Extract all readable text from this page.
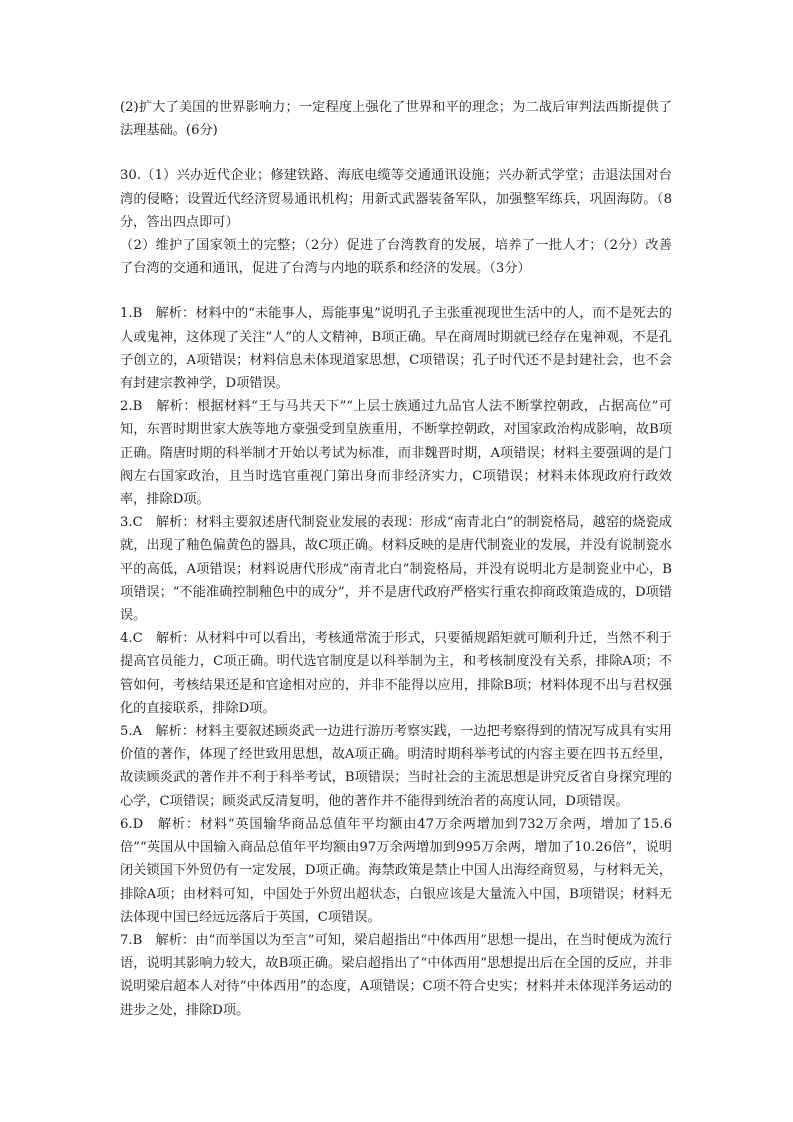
(2)扩大了美国的世界影响力；一定程度上强化了世界和平的理念；为二战后审判法西斯提供了法理基础。(6分)

30.（1）兴办近代企业；修建铁路、海底电缆等交通通讯设施；兴办新式学堂；击退法国对台湾的侵略；设置近代经济贸易通讯机构；用新式武器装备军队，加强整军练兵，巩固海防。（8分，答出四点即可）

（2）维护了国家领土的完整；（2分）促进了台湾教育的发展，培养了一批人才；（2分）改善了台湾的交通和通讯，促进了台湾与内地的联系和经济的发展。（3分）

1.B　解析：材料中的“未能事人，焉能事鬼”说明孔子主张重视现世生活中的人，而不是死去的人或鬼神，这体现了关注“人”的人文精神，B项正确。早在商周时期就已经存在鬼神观，不是孔子创立的，A项错误；材料信息未体现道家思想，C项错误；孔子时代还不是封建社会，也不会有封建宗教神学，D项错误。

2.B　解析：根据材料“王与马共天下”“上层士族通过九品官人法不断掌控朝政，占据高位”可知，东晋时期世家大族等地方豪强受到皇族重用，不断掌控朝政，对国家政治构成影响，故B项正确。隋唐时期的科举制才开始以考试为标准，而非魏晋时期，A项错误；材料主要强调的是门阀左右国家政治，且当时选官重视门第出身而非经济实力，C项错误；材料未体现政府行政效率，排除D项。

3.C　解析：材料主要叙述唐代制瓷业发展的表现：形成“南青北白”的制瓷格局，越窑的烧瓷成就，出现了釉色偏黄色的器具，故C项正确。材料反映的是唐代制瓷业的发展，并没有说制瓷水平的高低，A项错误；材料说唐代形成“南青北白”制瓷格局，并没有说明北方是制瓷业中心，B项错误；“不能准确控制釉色中的成分”，并不是唐代政府严格实行重农抑商政策造成的，D项错误。

4.C　解析：从材料中可以看出，考核通常流于形式，只要循规蹈矩就可顺利升迁，当然不利于提高官员能力，C项正确。明代选官制度是以科举制为主，和考核制度没有关系，排除A项；不管如何，考核结果还是和官途相对应的，并非不能得以应用，排除B项；材料体现不出与君权强化的直接联系，排除D项。

5.A　解析：材料主要叙述顾炎武一边进行游历考察实践，一边把考察得到的情况写成具有实用价值的著作，体现了经世致用思想，故A项正确。明清时期科举考试的内容主要在四书五经里，故读顾炎武的著作并不利于科举考试，B项错误；当时社会的主流思想是讲究反省自身探究理的心学，C项错误；顾炎武反清复明，他的著作并不能得到统治者的高度认同，D项错误。

6.D　解析：材料“英国输华商品总值年平均额由47万余两增加到732万余两，增加了15.6倍”“英国从中国输入商品总值年平均额由97万余两增加到995万余两，增加了10.26倍”，说明闭关锁国下外贸仍有一定发展，D项正确。海禁政策是禁止中国人出海经商贸易，与材料无关，排除A项；由材料可知，中国处于外贸出超状态，白银应该是大量流入中国，B项错误；材料无法体现中国已经远远落后于英国，C项错误。

7.B　解析：由“而举国以为至言”可知，梁启超指出“中体西用”思想一提出，在当时便成为流行语，说明其影响力较大，故B项正确。梁启超指出了“中体西用”思想提出后在全国的反应，并非说明梁启超本人对待“中体西用”的态度，A项错误；C项不符合史实；材料并未体现洋务运动的进步之处，排除D项。
